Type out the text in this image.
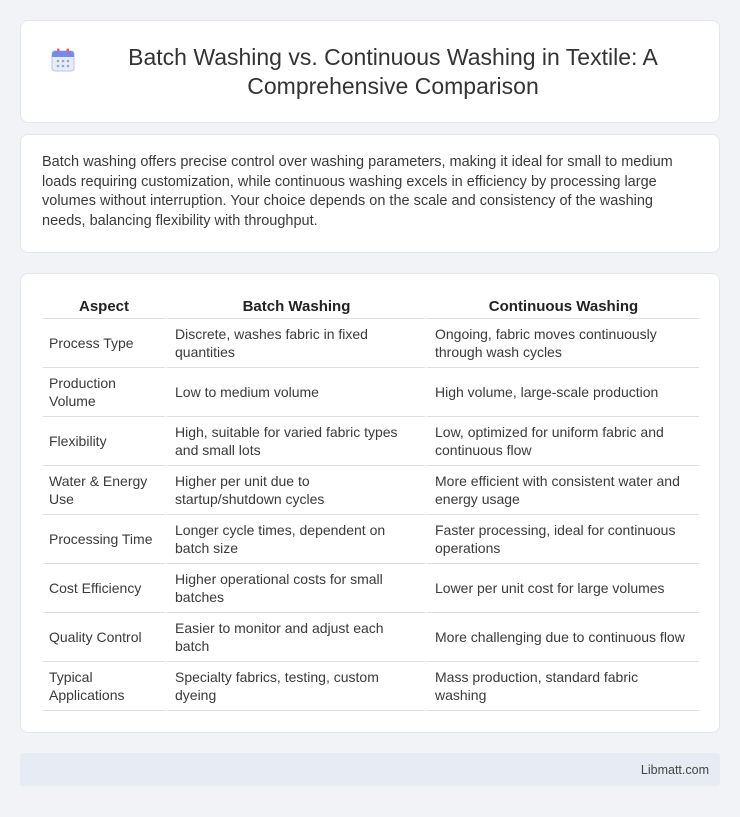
Batch Washing vs. Continuous Washing in Textile: A Comprehensive Comparison

Batch washing offers precise control over washing parameters, making it ideal for small to medium loads requiring customization, while continuous washing excels in efficiency by processing large volumes without interruption. Your choice depends on the scale and consistency of the washing needs, balancing flexibility with throughput.

Aspect	Batch Washing	Continuous Washing
Process Type	Discrete, washes fabric in fixed quantities	Ongoing, fabric moves continuously through wash cycles
Production Volume	Low to medium volume	High volume, large-scale production
Flexibility	High, suitable for varied fabric types and small lots	Low, optimized for uniform fabric and continuous flow
Water & Energy Use	Higher per unit due to startup/shutdown cycles	More efficient with consistent water and energy usage
Processing Time	Longer cycle times, dependent on batch size	Faster processing, ideal for continuous operations
Cost Efficiency	Higher operational costs for small batches	Lower per unit cost for large volumes
Quality Control	Easier to monitor and adjust each batch	More challenging due to continuous flow
Typical Applications	Specialty fabrics, testing, custom dyeing	Mass production, standard fabric washing
Libmatt.com
